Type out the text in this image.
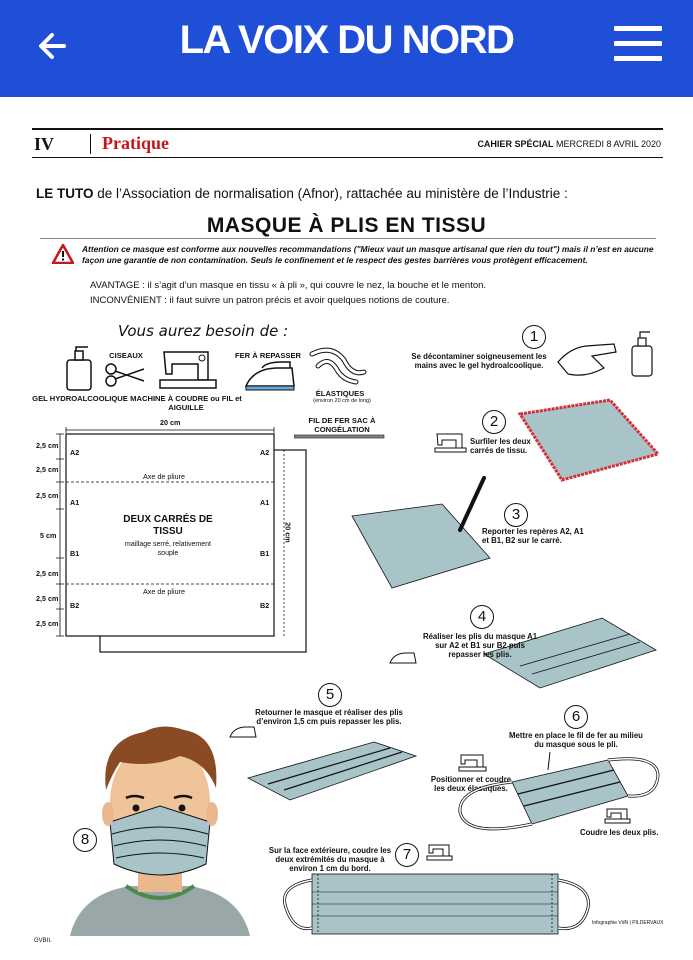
LA VOIX DU NORD
IV	Pratique	CAHIER SPÉCIAL MERCREDI 8 AVRIL 2020
LE TUTO de l’Association de normalisation (Afnor), rattachée au ministère de l’Industrie :
MASQUE À PLIS EN TISSU
Attention ce masque est conforme aux nouvelles recommandations ("Mieux vaut un masque artisanal que rien du tout") mais il n’est en aucune façon une garantie de non contamination. Seuls le confinement et le respect des gestes barrières vous protègent efficacement.
AVANTAGE : il s’agit d’un masque en tissu « à pli », qui couvre le nez, la bouche et le menton.
INCONVÉNIENT : il faut suivre un patron précis et avoir quelques notions de couture.
Vous aurez besoin de :
GEL HYDROALCOOLIQUE
CISEAUX
MACHINE À COUDRE ou FIL et AIGUILLE
FER À REPASSER
ÉLASTIQUES
(environ 20 cm de long)
FIL DE FER SAC À CONGÉLATION
20 cm
2,5 cm
2,5 cm
2,5 cm
5 cm
2,5 cm
2,5 cm
2,5 cm
A2	A2
A1	A1
B1	B1
B2	B2
Axe de pliure
Axe de pliure
DEUX CARRÉS DE TISSU
maillage serré, relativement souple
20 cm
1
Se décontaminer soigneusement les mains avec le gel hydroalcoolique.
2
Surfiler les deux carrés de tissu.
3
Reporter les repères A2, A1 et B1, B2 sur le carré.
4
Réaliser les plis du masque A1 sur A2 et B1 sur B2 puis repasser les plis.
5
Retourner le masque et réaliser des plis d’environ 1,5 cm puis repasser les plis.	6
Mettre en place le fil de fer au milieu du masque sous le pli.
Positionner et coudre les deux élastiques.
Coudre les deux plis.
7
Sur la face extérieure, coudre les deux extrémités du masque à environ 1 cm du bord.
8
Infographie VdN | PILDERVAUX
GVBII.
